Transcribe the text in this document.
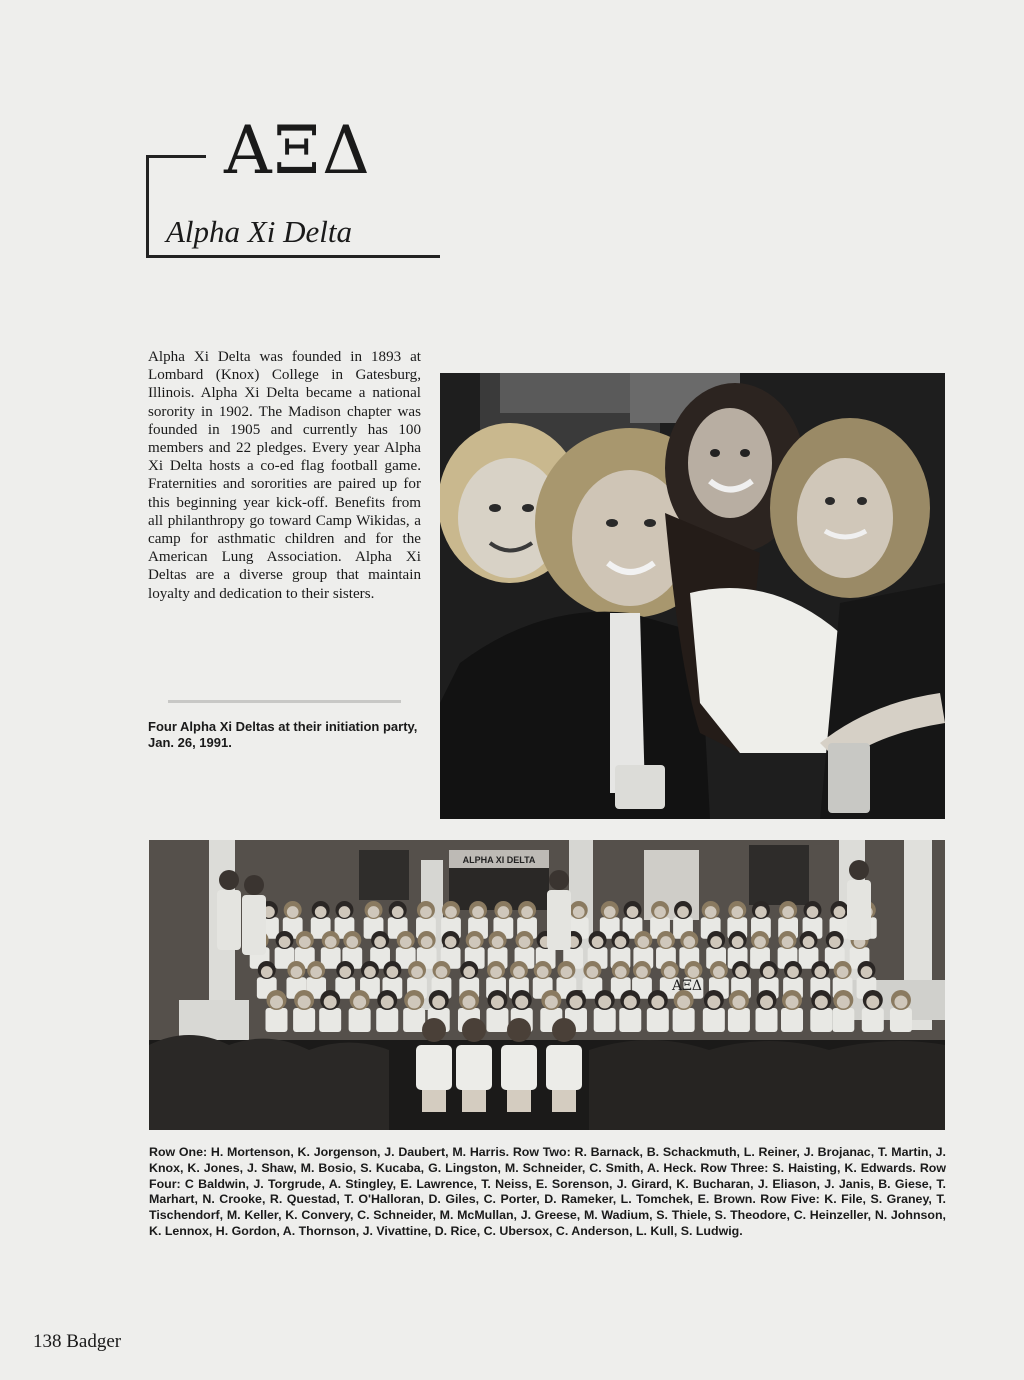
ΑΞΔ
Alpha Xi Delta
Alpha Xi Delta was founded in 1893 at Lombard (Knox) College in Gatesburg, Illinois. Alpha Xi Delta became a national sorority in 1902. The Madison chapter was founded in 1905 and currently has 100 members and 22 pledges. Every year Alpha Xi Delta hosts a co-ed flag football game. Fraternities and sororities are paired up for this beginning year kick-off. Benefits from all philanthropy go toward Camp Wikidas, a camp for asthmatic children and for the American Lung Association. Alpha Xi Deltas are a diverse group that maintain loyalty and dedication to their sisters.
Four Alpha Xi Deltas at their initiation party, Jan. 26, 1991.
ALPHA XI DELTA
ΑΞΔ
Row One: H. Mortenson, K. Jorgenson, J. Daubert, M. Harris. Row Two: R. Barnack, B. Schackmuth, L. Reiner, J. Brojanac, T. Martin, J. Knox, K. Jones, J. Shaw, M. Bosio, S. Kucaba, G. Lingston, M. Schneider, C. Smith, A. Heck. Row Three: S. Haisting, K. Edwards. Row Four: C Baldwin, J. Torgrude, A. Stingley, E. Lawrence, T. Neiss, E. Sorenson, J. Girard, K. Bucharan, J. Eliason, J. Janis, B. Giese, T. Marhart, N. Crooke, R. Questad, T. O'Halloran, D. Giles, C. Porter, D. Rameker, L. Tomchek, E. Brown. Row Five: K. File, S. Graney, T. Tischendorf, M. Keller, K. Convery, C. Schneider, M. McMullan, J. Greese, M. Wadium, S. Thiele, S. Theodore, C. Heinzeller, N. Johnson, K. Lennox, H. Gordon, A. Thornson, J. Vivattine, D. Rice, C. Ubersox, C. Anderson, L. Kull, S. Ludwig.
138 Badger
